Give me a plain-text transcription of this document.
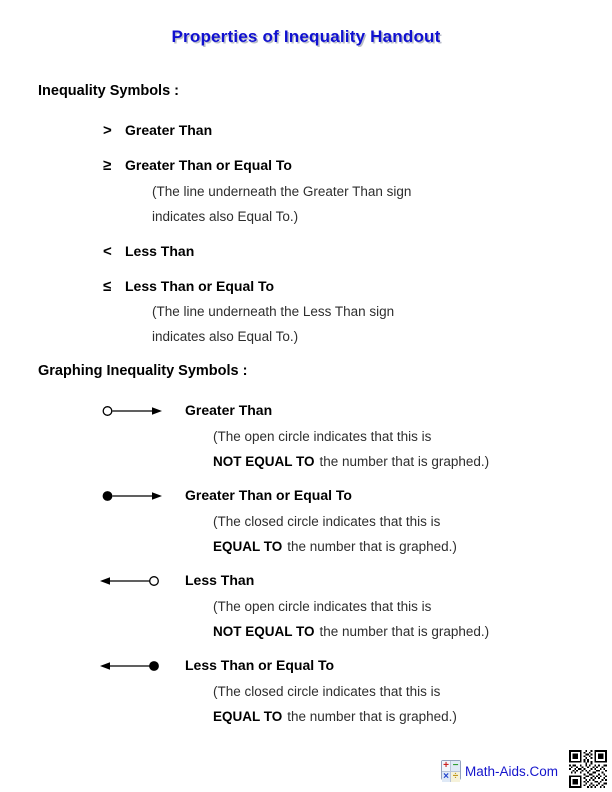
Properties of Inequality Handout
Inequality Symbols :
> Greater Than
≥ Greater Than or Equal To
(The line underneath the Greater Than sign
indicates also Equal To.)
< Less Than
≤ Less Than or Equal To
(The line underneath the Less Than sign
indicates also Equal To.)
Graphing Inequality Symbols :
Greater Than
(The open circle indicates that this is
NOT EQUAL TO the number that is graphed.)
Greater Than or Equal To
(The closed circle indicates that this is
EQUAL TO the number that is graphed.)
Less Than
(The open circle indicates that this is
NOT EQUAL TO the number that is graphed.)
Less Than or Equal To
(The closed circle indicates that this is
EQUAL TO the number that is graphed.)
+ −
× ÷ Math-Aids.Com
